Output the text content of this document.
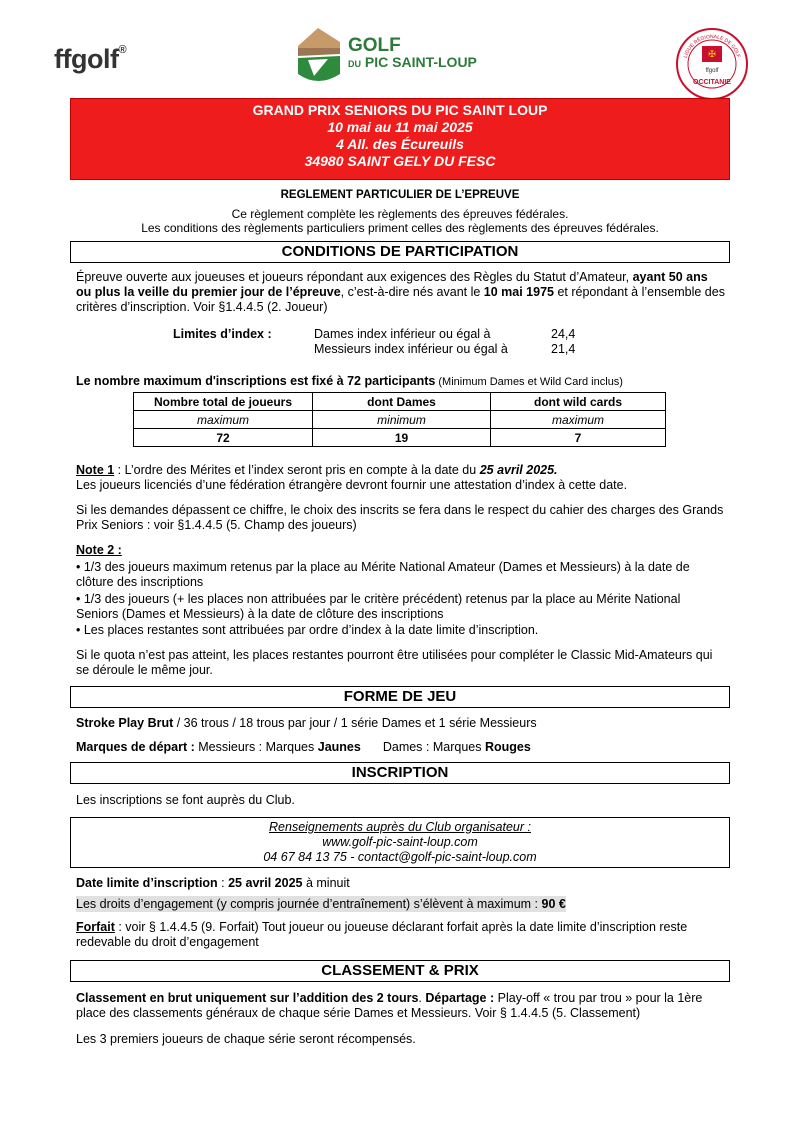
ffgolf®	GOLF
DU PIC SAINT-LOUP	LIGUE RÉGIONALE DE GOLF
✠
ffgolf
OCCITANIE
GRAND PRIX SENIORS DU PIC SAINT LOUP
10 mai au 11 mai 2025
4 All. des Écureuils
34980 SAINT GELY DU FESC
REGLEMENT PARTICULIER DE L’EPREUVE
Ce règlement complète les règlements des épreuves fédérales.
Les conditions des règlements particuliers priment celles des règlements des épreuves fédérales.
CONDITIONS DE PARTICIPATION
Épreuve ouverte aux joueuses et joueurs répondant aux exigences des Règles du Statut d’Amateur, ayant 50 ans ou plus la veille du premier jour de l’épreuve, c’est-à-dire nés avant le 10 mai 1975 et répondant à l’ensemble des critères d’inscription. Voir §1.4.4.5 (2. Joueur)
Limites d’index :	Dames index inférieur ou égal à	24,4
Messieurs index inférieur ou égal à	21,4
Le nombre maximum d'inscriptions est fixé à 72 participants (Minimum Dames et Wild Card inclus)
Nombre total de joueurs	dont Dames	dont wild cards
maximum	minimum	maximum
72	19	7
Note 1 : L’ordre des Mérites et l’index seront pris en compte à la date du 25 avril 2025.
Les joueurs licenciés d’une fédération étrangère devront fournir une attestation d’index à cette date.
Si les demandes dépassent ce chiffre, le choix des inscrits se fera dans le respect du cahier des charges des Grands Prix Seniors : voir §1.4.4.5 (5. Champ des joueurs)
Note 2 :
• 1/3 des joueurs maximum retenus par la place au Mérite National Amateur (Dames et Messieurs) à la date de clôture des inscriptions
• 1/3 des joueurs (+ les places non attribuées par le critère précédent) retenus par la place au Mérite National Seniors (Dames et Messieurs) à la date de clôture des inscriptions
• Les places restantes sont attribuées par ordre d’index à la date limite d’inscription.
Si le quota n’est pas atteint, les places restantes pourront être utilisées pour compléter le Classic Mid-Amateurs qui se déroule le même jour.
FORME DE JEU
Stroke Play Brut / 36 trous / 18 trous par jour / 1 série Dames et 1 série Messieurs
Marques de départ : Messieurs : Marques Jaunes Dames : Marques Rouges
INSCRIPTION
Les inscriptions se font auprès du Club.
Renseignements auprès du Club organisateur :
www.golf-pic-saint-loup.com
04 67 84 13 75 - contact@golf-pic-saint-loup.com
Date limite d’inscription : 25 avril 2025 à minuit
Les droits d’engagement (y compris journée d’entraînement) s’élèvent à maximum : 90 €
Forfait : voir § 1.4.4.5 (9. Forfait) Tout joueur ou joueuse déclarant forfait après la date limite d’inscription reste redevable du droit d’engagement
CLASSEMENT & PRIX
Classement en brut uniquement sur l’addition des 2 tours. Départage : Play-off « trou par trou » pour la 1ère place des classements généraux de chaque série Dames et Messieurs. Voir § 1.4.4.5 (5. Classement)
Les 3 premiers joueurs de chaque série seront récompensés.
